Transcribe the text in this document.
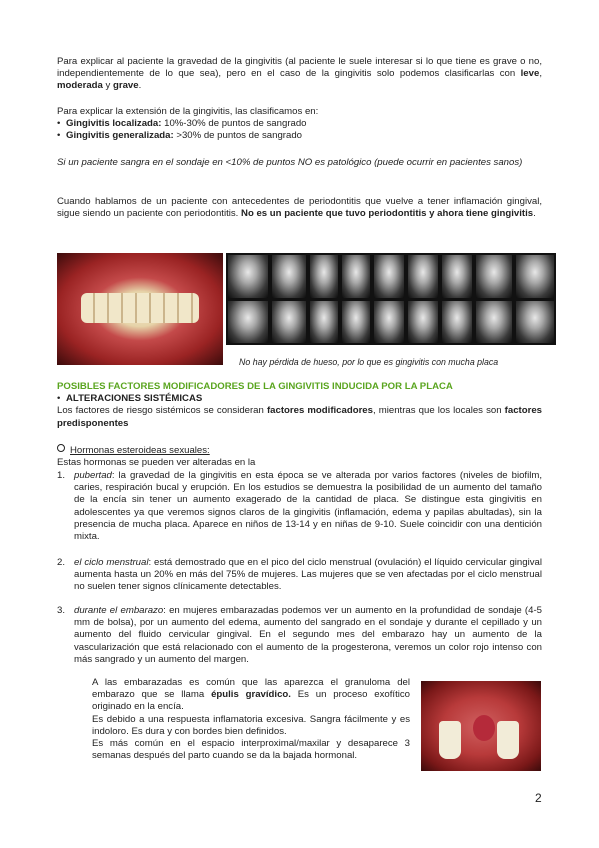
Para explicar al paciente la gravedad de la gingivitis (al paciente le suele interesar si lo que tiene es grave o no, independientemente de lo que sea), pero en el caso de la gingivitis solo podemos clasificarlas con leve, moderada y grave.

Para explicar la extensión de la gingivitis, las clasificamos en:

• Gingivitis localizada: 10%-30% de puntos de sangrado
• Gingivitis generalizada: >30% de puntos de sangrado
Si un paciente sangra en el sondaje en <10% de puntos NO es patológico (puede ocurrir en pacientes sanos)
Cuando hablamos de un paciente con antecedentes de periodontitis que vuelve a tener inflamación gingival, sigue siendo un paciente con periodontitis. No es un paciente que tuvo periodontitis y ahora tiene gingivitis.
No hay pérdida de hueso, por lo que es gingivitis con mucha placa

POSIBLES FACTORES MODIFICADORES DE LA GINGIVITIS INDUCIDA POR LA PLACA

• ALTERACIONES SISTÉMICAS

Los factores de riesgo sistémicos se consideran factores modificadores, mientras que los locales son factores predisponentes

Hormonas esteroideas sexuales:

Estas hormonas se pueden ver alteradas en la

1. pubertad: la gravedad de la gingivitis en esta época se ve alterada por varios factores (niveles de biofilm, caries, respiración bucal y erupción. En los estudios se demuestra la posibilidad de un aumento del tamaño de la encía sin tener un aumento exagerado de la cantidad de placa. Se distingue esta gingivitis en adolescentes ya que veremos signos claros de la gingivitis (inflamación, edema y papilas abultadas), sin la presencia de mucha placa. Aparece en niños de 13-14 y en niñas de 9-10. Suele coincidir con una dentición mixta.
2. el ciclo menstrual: está demostrado que en el pico del ciclo menstrual (ovulación) el líquido cervicular gingival aumenta hasta un 20% en más del 75% de mujeres. Las mujeres que se ven afectadas por el ciclo menstrual no suelen tener signos clínicamente detectables.
3. durante el embarazo: en mujeres embarazadas podemos ver un aumento en la profundidad de sondaje (4-5 mm de bolsa), por un aumento del edema, aumento del sangrado en el sondaje y durante el cepillado y un aumento del fluido cervicular gingival. En el segundo mes del embarazo hay un aumento de la vascularización que está relacionado con el aumento de la progesterona, veremos un color rojo intenso con más sangrado y un aumento del margen.

A las embarazadas es común que las aparezca el granuloma del embarazo que se llama épulis gravídico. Es un proceso exofítico originado en la encía.

Es debido a una respuesta inflamatoria excesiva. Sangra fácilmente y es indoloro. Es dura y con bordes bien definidos.

Es más común en el espacio interproximal/maxilar y desaparece 3 semanas después del parto cuando se da la bajada hormonal.

2
